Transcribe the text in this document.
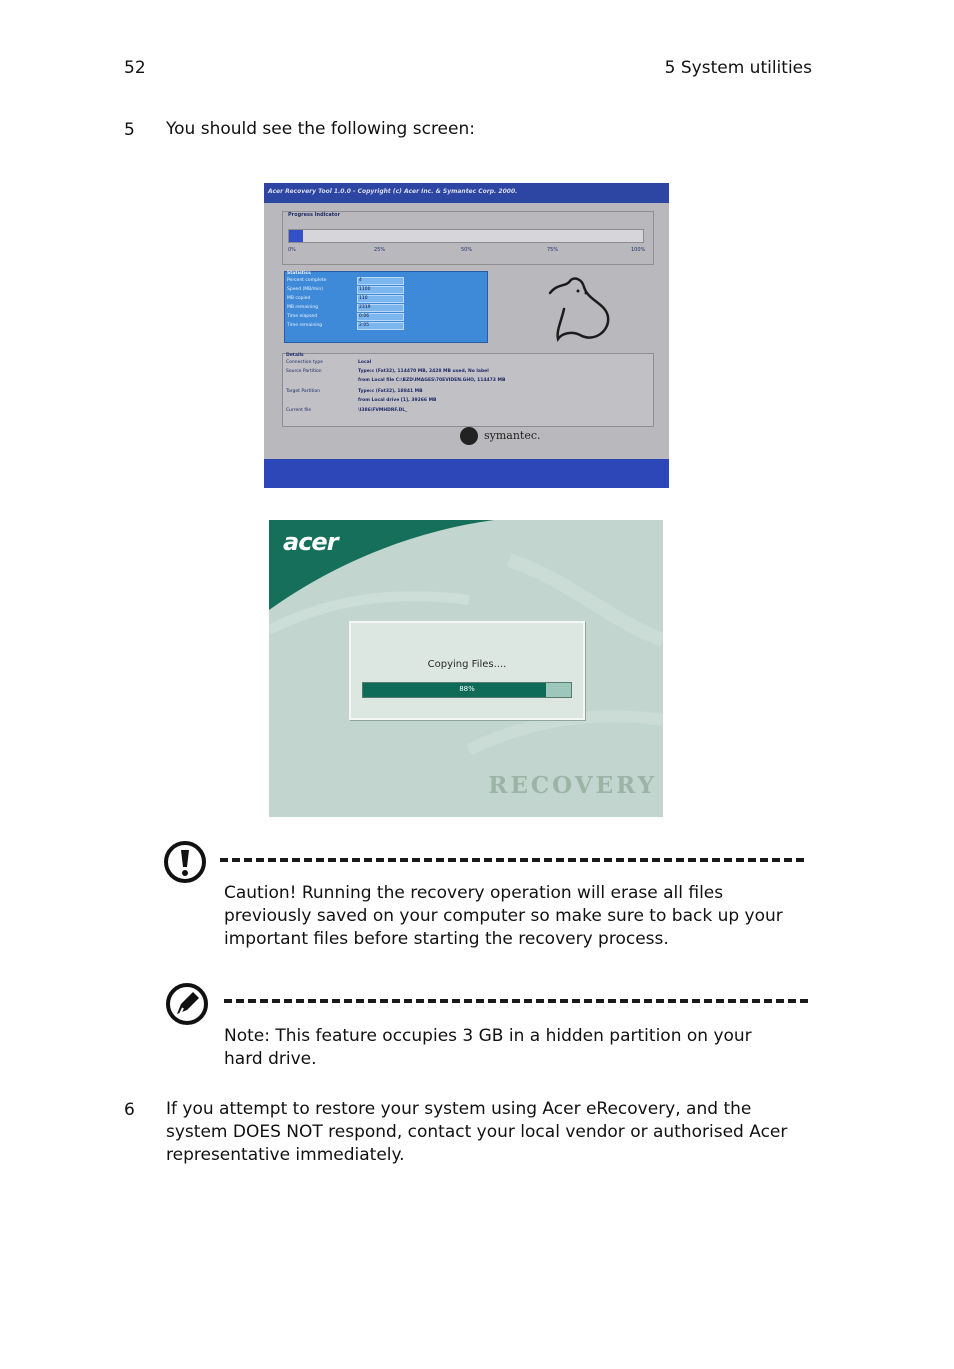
52	5 System utilities
5 You should see the following screen:
Acer Recovery Tool 1.0.0 - Copyright (c) Acer Inc. & Symantec Corp. 2000.
Progress Indicator
0%	25%	50%	75%	100%
Statistics
Percent complete	4
Speed (MB/min)	1100
MB copied	110
MB remaining	2319
Time elapsed	0:06
Time remaining	2:05
Details
Connection type	Local
Source Partition	Type:c (Fat32), 114470 MB, 2428 MB used, No label
from Local file C:\BZD\IMAGES\70EVIDEN.GHO, 114473 MB
Target Partition	Type:c (Fat32), 18841 MB
from Local drive [1], 39266 MB
Current file	\I386\FVMHDRF.DL_
symantec.
acer
Copying Files....
88%
RECOVERY
Caution! Running the recovery operation will erase all files previously saved on your computer so make sure to back up your important files before starting the recovery process.
Note: This feature occupies 3 GB in a hidden partition on your hard drive.
6 If you attempt to restore your system using Acer eRecovery, and the system DOES NOT respond, contact your local vendor or authorised Acer representative immediately.
